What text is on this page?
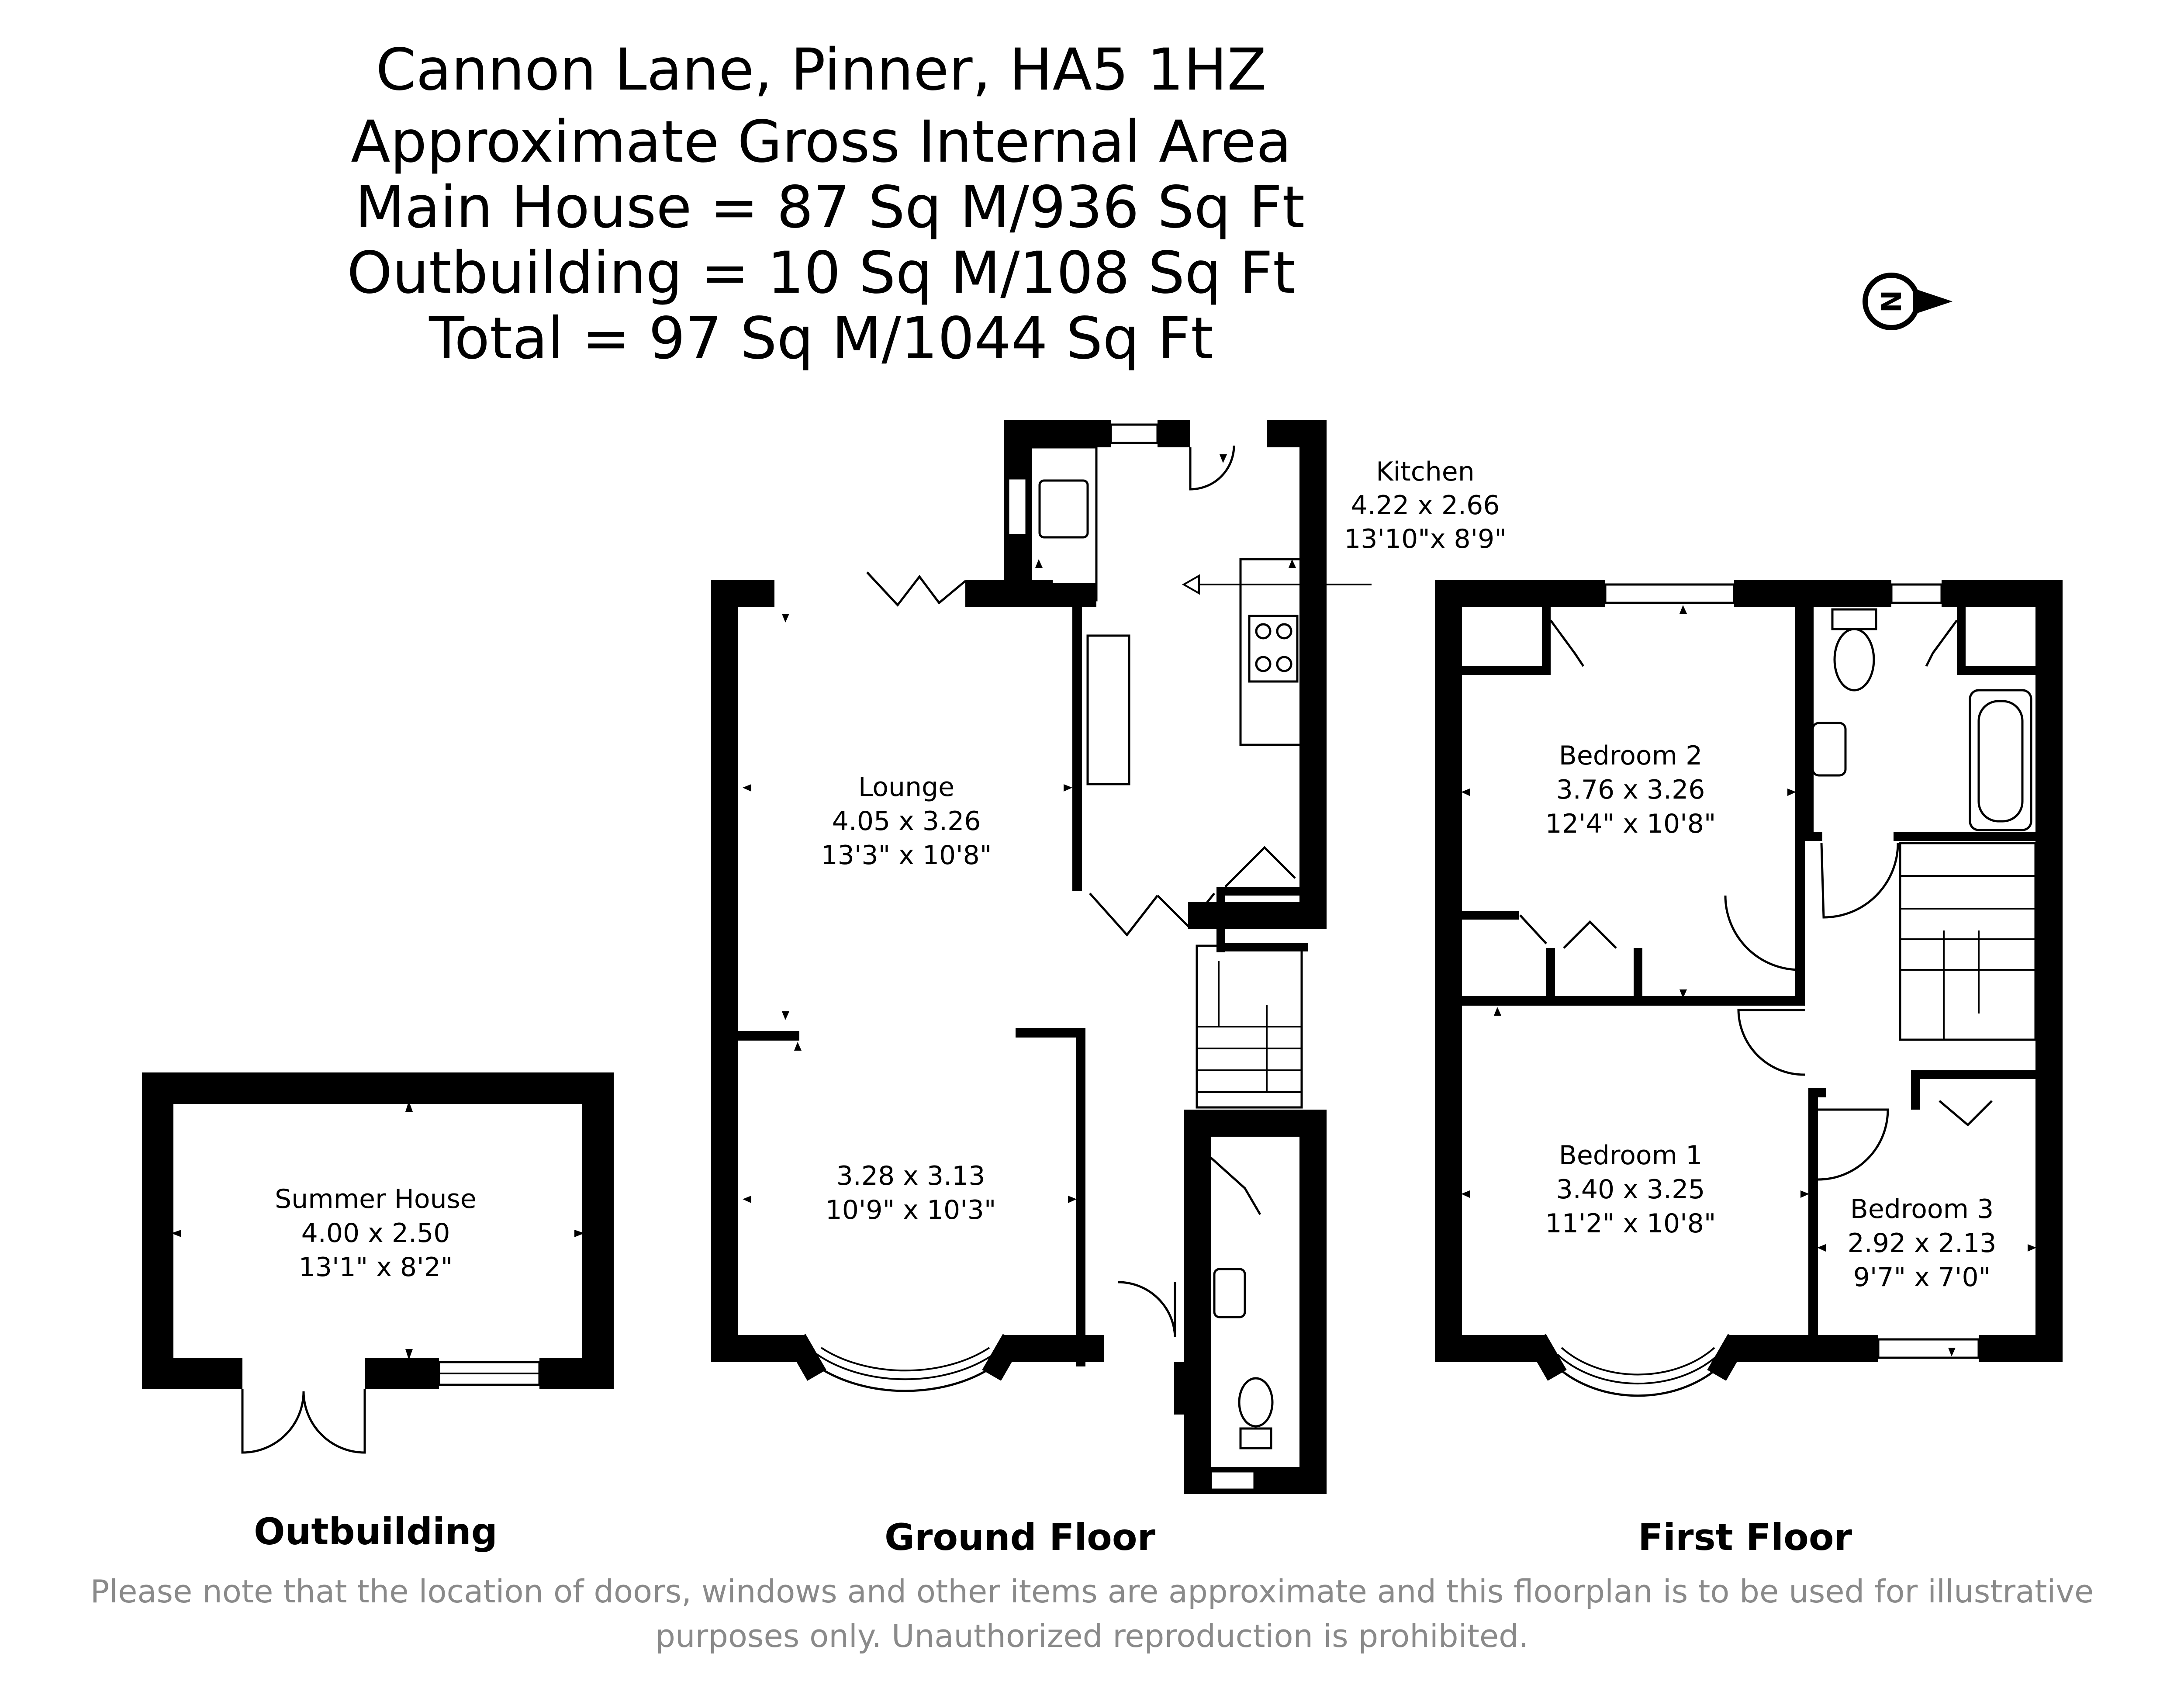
Cannon Lane, Pinner, HA5 1HZ
Approximate Gross Internal Area
Main House = 87 Sq M/936 Sq Ft
Outbuilding = 10 Sq M/108 Sq Ft
Total = 97 Sq M/1044 Sq Ft
N
Summer House
4.00 x 2.50
13'1" x 8'2"
Kitchen
4.22 x 2.66
13'10"x 8'9"
Lounge
4.05 x 3.26
13'3" x 10'8"
3.28 x 3.13
10'9" x 10'3"
Bedroom 2
3.76 x 3.26
12'4" x 10'8"
Bedroom 1
3.40 x 3.25
11'2" x 10'8"	Bedroom 3
2.92 x 2.13
9'7" x 7'0"
Outbuilding	Ground Floor	First Floor
Please note that the location of doors, windows and other items are approximate and this floorplan is to be used for illustrative
purposes only. Unauthorized reproduction is prohibited.
